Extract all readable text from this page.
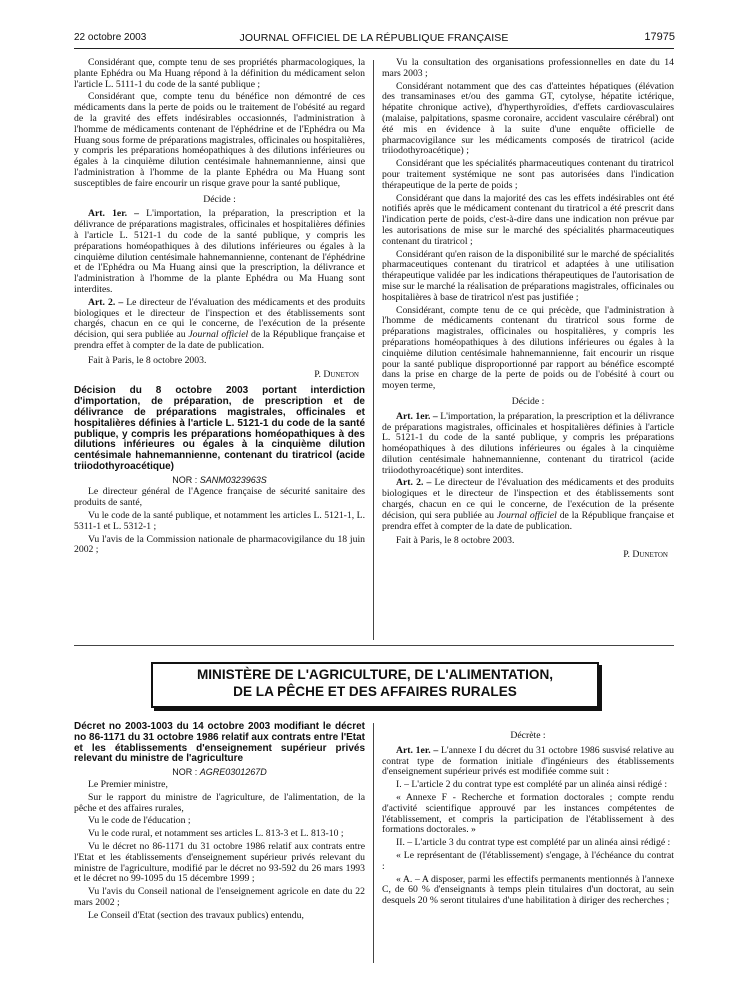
22 octobre 2003	JOURNAL OFFICIEL DE LA RÉPUBLIQUE FRANÇAISE	17975

Considérant que, compte tenu de ses propriétés pharmacologiques, la plante Ephédra ou Ma Huang répond à la définition du médicament selon l'article L. 5111-1 du code de la santé publique ;

Considérant que, compte tenu du bénéfice non démontré de ces médicaments dans la perte de poids ou le traitement de l'obésité au regard de la gravité des effets indésirables occasionnés, l'administration à l'homme de médicaments contenant de l'éphédrine et de l'Ephédra ou Ma Huang sous forme de préparations magistrales, officinales ou hospitalières, y compris les préparations homéopathiques à des dilutions inférieures ou égales à la cinquième dilution centésimale hahnemannienne, ainsi que l'administration à l'homme de la plante Ephédra ou Ma Huang sont susceptibles de faire encourir un risque grave pour la santé publique,

Décide :

Art. 1er. – L'importation, la préparation, la prescription et la délivrance de préparations magistrales, officinales et hospitalières définies à l'article L. 5121-1 du code de la santé publique, y compris les préparations homéopathiques à des dilutions inférieures ou égales à la cinquième dilution centésimale hahnemannienne, contenant de l'éphédrine et de l'Ephédra ou Ma Huang ainsi que la prescription, la délivrance et l'administration à l'homme de la plante Ephédra ou Ma Huang sont interdites.

Art. 2. – Le directeur de l'évaluation des médicaments et des produits biologiques et le directeur de l'inspection et des établissements sont chargés, chacun en ce qui le concerne, de l'exécution de la présente décision, qui sera publiée au Journal officiel de la République française et prendra effet à compter de la date de publication.

Fait à Paris, le 8 octobre 2003.

P. Duneton

Décision du 8 octobre 2003 portant interdiction d'importation, de préparation, de prescription et de délivrance de préparations magistrales, officinales et hospitalières définies à l'article L. 5121-1 du code de la santé publique, y compris les préparations homéopathiques à des dilutions inférieures ou égales à la cinquième dilution centésimale hahnemannienne, contenant du tiratricol (acide triiodothyroacétique)

NOR : SANM0323963S

Le directeur général de l'Agence française de sécurité sanitaire des produits de santé,

Vu le code de la santé publique, et notamment les articles L. 5121-1, L. 5311-1 et L. 5312-1 ;

Vu l'avis de la Commission nationale de pharmacovigilance du 18 juin 2002 ;

Vu la consultation des organisations professionnelles en date du 14 mars 2003 ;

Considérant notamment que des cas d'atteintes hépatiques (élévation des transaminases et/ou des gamma GT, cytolyse, hépatite ictérique, hépatite chronique active), d'hyperthyroïdies, d'effets cardiovasculaires (malaise, palpitations, spasme coronaire, accident vasculaire cérébral) ont été mis en évidence à la suite d'une enquête officielle de pharmacovigilance sur les médicaments composés de tiratricol (acide triiodothyroacétique) ;

Considérant que les spécialités pharmaceutiques contenant du tiratricol pour traitement systémique ne sont pas autorisées dans l'indication thérapeutique de la perte de poids ;

Considérant que dans la majorité des cas les effets indésirables ont été notifiés après que le médicament contenant du tiratricol a été prescrit dans l'indication perte de poids, c'est-à-dire dans une indication non prévue par les autorisations de mise sur le marché des spécialités pharmaceutiques contenant du tiratricol ;

Considérant qu'en raison de la disponibilité sur le marché de spécialités pharmaceutiques contenant du tiratricol et adaptées à une utilisation thérapeutique validée par les indications thérapeutiques de l'autorisation de mise sur le marché la réalisation de préparations magistrales, officinales ou hospitalières à base de tiratricol n'est pas justifiée ;

Considérant, compte tenu de ce qui précède, que l'administration à l'homme de médicaments contenant du tiratricol sous forme de préparations magistrales, officinales ou hospitalières, y compris les préparations homéopathiques à des dilutions inférieures ou égales à la cinquième dilution centésimale hahnemannienne, fait encourir un risque pour la santé publique disproportionné par rapport au bénéfice escompté dans la prise en charge de la perte de poids ou de l'obésité à court ou moyen terme,

Décide :

Art. 1er. – L'importation, la préparation, la prescription et la délivrance de préparations magistrales, officinales et hospitalières définies à l'article L. 5121-1 du code de la santé publique, y compris les préparations homéopathiques à des dilutions inférieures ou égales à la cinquième dilution centésimale hahnemannienne, contenant du tiratricol (acide triiodothyroacétique) sont interdites.

Art. 2. – Le directeur de l'évaluation des médicaments et des produits biologiques et le directeur de l'inspection et des établissements sont chargés, chacun en ce qui le concerne, de l'exécution de la présente décision, qui sera publiée au Journal officiel de la République française et prendra effet à compter de la date de publication.

Fait à Paris, le 8 octobre 2003.

P. Duneton

MINISTÈRE DE L'AGRICULTURE, DE L'ALIMENTATION,
DE LA PÊCHE ET DES AFFAIRES RURALES

Décret no 2003-1003 du 14 octobre 2003 modifiant le décret no 86-1171 du 31 octobre 1986 relatif aux contrats entre l'Etat et les établissements d'enseignement supérieur privés relevant du ministre de l'agriculture

NOR : AGRE0301267D

Le Premier ministre,

Sur le rapport du ministre de l'agriculture, de l'alimentation, de la pêche et des affaires rurales,

Vu le code de l'éducation ;

Vu le code rural, et notamment ses articles L. 813-3 et L. 813-10 ;

Vu le décret no 86-1171 du 31 octobre 1986 relatif aux contrats entre l'Etat et les établissements d'enseignement supérieur privés relevant du ministre de l'agriculture, modifié par le décret no 93-592 du 26 mars 1993 et le décret no 99-1095 du 15 décembre 1999 ;

Vu l'avis du Conseil national de l'enseignement agricole en date du 22 mars 2002 ;

Le Conseil d'Etat (section des travaux publics) entendu,

Décrète :

Art. 1er. – L'annexe I du décret du 31 octobre 1986 susvisé relative au contrat type de formation initiale d'ingénieurs des établissements d'enseignement supérieur privés est modifiée comme suit :

I. – L'article 2 du contrat type est complété par un alinéa ainsi rédigé :

« Annexe F - Recherche et formation doctorales ; compte rendu d'activité scientifique approuvé par les instances compétentes de l'établissement, et compris la participation de l'établissement à des formations doctorales. »

II. – L'article 3 du contrat type est complété par un alinéa ainsi rédigé :

« Le représentant de (l'établissement) s'engage, à l'échéance du contrat :

« A. – A disposer, parmi les effectifs permanents mentionnés à l'annexe C, de 60 % d'enseignants à temps plein titulaires d'un doctorat, au sein desquels 20 % seront titulaires d'une habilitation à diriger des recherches ;
